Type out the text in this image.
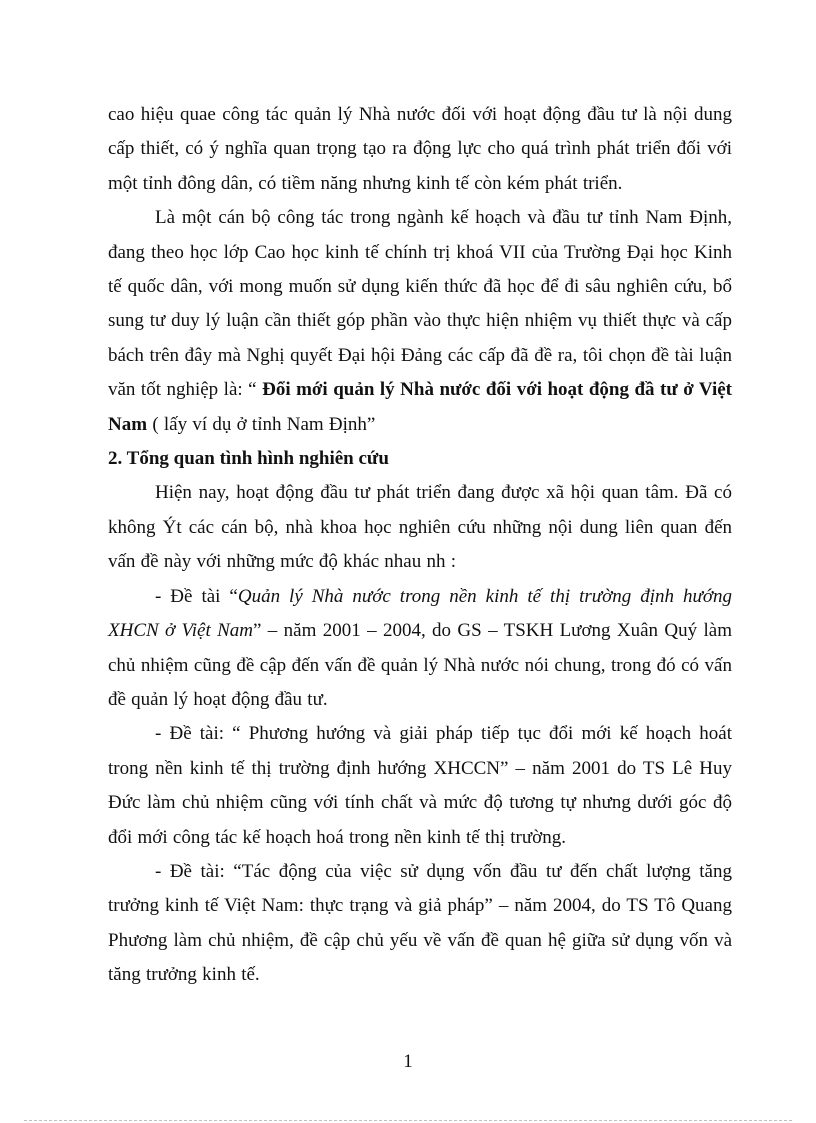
cao hiệu quae công tác quản lý Nhà nước đối với hoạt động đầu tư là nội dung cấp thiết, có ý nghĩa quan trọng tạo ra động lực cho quá trình phát triển đối với một tỉnh đông dân, có tiềm năng nhưng kinh tế còn kém phát triển.

Là một cán bộ công tác trong ngành kế hoạch và đầu tư tỉnh Nam Định, đang theo học lớp Cao học kinh tế chính trị khoá VII của Trường Đại học Kinh tế quốc dân, với mong muốn sử dụng kiến thức đã học để đi sâu nghiên cứu, bổ sung tư duy lý luận cần thiết góp phần vào thực hiện nhiệm vụ thiết thực và cấp bách trên đây mà Nghị quyết Đại hội Đảng các cấp đã đề ra, tôi chọn đề tài luận văn tốt nghiệp là: “ Đổi mới quản lý Nhà nước đối với hoạt động đầ tư ở Việt Nam ( lấy ví dụ ở tỉnh Nam Định”

2. Tổng quan tình hình nghiên cứu

Hiện nay, hoạt động đầu tư phát triển đang được xã hội quan tâm. Đã có không Ýt các cán bộ, nhà khoa học nghiên cứu những nội dung liên quan đến vấn đề này với những mức độ khác nhau nh :

- Đề tài “Quản lý Nhà nước trong nền kinh tế thị trường định hướng XHCN ở Việt Nam” – năm 2001 – 2004, do GS – TSKH Lương Xuân Quý làm chủ nhiệm cũng đề cập đến vấn đề quản lý Nhà nước nói chung, trong đó có vấn đề quản lý hoạt động đầu tư.

- Đề tài: “ Phương hướng và giải pháp tiếp tục đổi mới kế hoạch hoát trong nền kinh tế thị trường định hướng XHCCN” – năm 2001 do TS Lê Huy Đức làm chủ nhiệm cũng với tính chất và mức độ tương tự nhưng dưới góc độ đổi mới công tác kế hoạch hoá trong nền kinh tế thị trường.

- Đề tài: “Tác động của việc sử dụng vốn đầu tư đến chất lượng tăng trưởng kinh tế Việt Nam: thực trạng và giả pháp” – năm 2004, do TS Tô Quang Phương làm chủ nhiệm, đề cập chủ yếu về vấn đề quan hệ giữa sử dụng vốn và tăng trưởng kinh tế.

1
